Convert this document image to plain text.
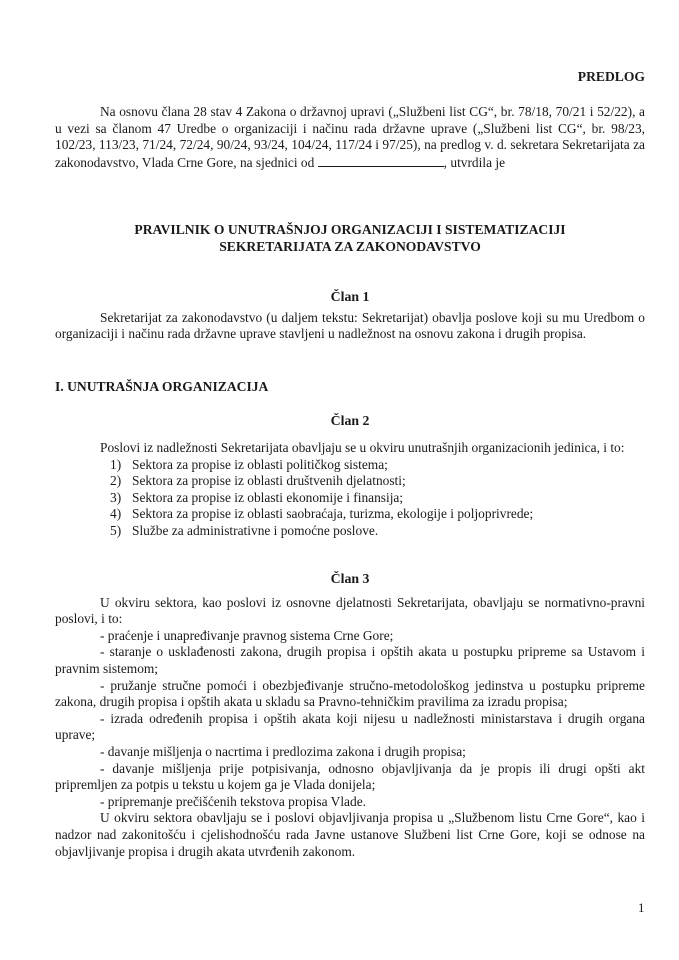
PREDLOG

Na osnovu člana 28 stav 4 Zakona o državnoj upravi („Službeni list CG“, br. 78/18, 70/21 i 52/22), a u vezi sa članom 47 Uredbe o organizaciji i načinu rada državne uprave („Službeni list CG“, br. 98/23, 102/23, 113/23, 71/24, 72/24, 90/24, 93/24, 104/24, 117/24 i 97/25), na predlog v. d. sekretara Sekretarijata za zakonodavstvo, Vlada Crne Gore, na sjednici od	, utvrdila je

PRAVILNIK O UNUTRAŠNJOJ ORGANIZACIJI I SISTEMATIZACIJI
SEKRETARIJATA ZA ZAKONODAVSTVO
Član 1

Sekretarijat za zakonodavstvo (u daljem tekstu: Sekretarijat) obavlja poslove koji su mu Uredbom o organizaciji i načinu rada državne uprave stavljeni u nadležnost na osnovu zakona i drugih propisa.

I. UNUTRAŠNJA ORGANIZACIJA
Član 2

Poslovi iz nadležnosti Sekretarijata obavljaju se u okviru unutrašnjih organizacionih jedinica, i to:

1) Sektora za propise iz oblasti političkog sistema;
2) Sektora za propise iz oblasti društvenih djelatnosti;
3) Sektora za propise iz oblasti ekonomije i finansija;
4) Sektora za propise iz oblasti saobraćaja, turizma, ekologije i poljoprivrede;
5) Službe za administrativne i pomoćne poslove.
Član 3

U okviru sektora, kao poslovi iz osnovne djelatnosti Sekretarijata, obavljaju se normativno-pravni poslovi, i to:

- praćenje i unapređivanje pravnog sistema Crne Gore;

- staranje o usklađenosti zakona, drugih propisa i opštih akata u postupku pripreme sa Ustavom i pravnim sistemom;

- pružanje stručne pomoći i obezbjeđivanje stručno-metodološkog jedinstva u postupku pripreme zakona, drugih propisa i opštih akata u skladu sa Pravno-tehničkim pravilima za izradu propisa;

- izrada određenih propisa i opštih akata koji nijesu u nadležnosti ministarstava i drugih organa uprave;

- davanje mišljenja o nacrtima i predlozima zakona i drugih propisa;

- davanje mišljenja prije potpisivanja, odnosno objavljivanja da je propis ili drugi opšti akt pripremljen za potpis u tekstu u kojem ga je Vlada donijela;

- pripremanje prečišćenih tekstova propisa Vlade.

U okviru sektora obavljaju se i poslovi objavljivanja propisa u „Službenom listu Crne Gore“, kao i nadzor nad zakonitošću i cjelishodnošću rada Javne ustanove Službeni list Crne Gore, koji se odnose na objavljivanje propisa i drugih akata utvrđenih zakonom.

1
